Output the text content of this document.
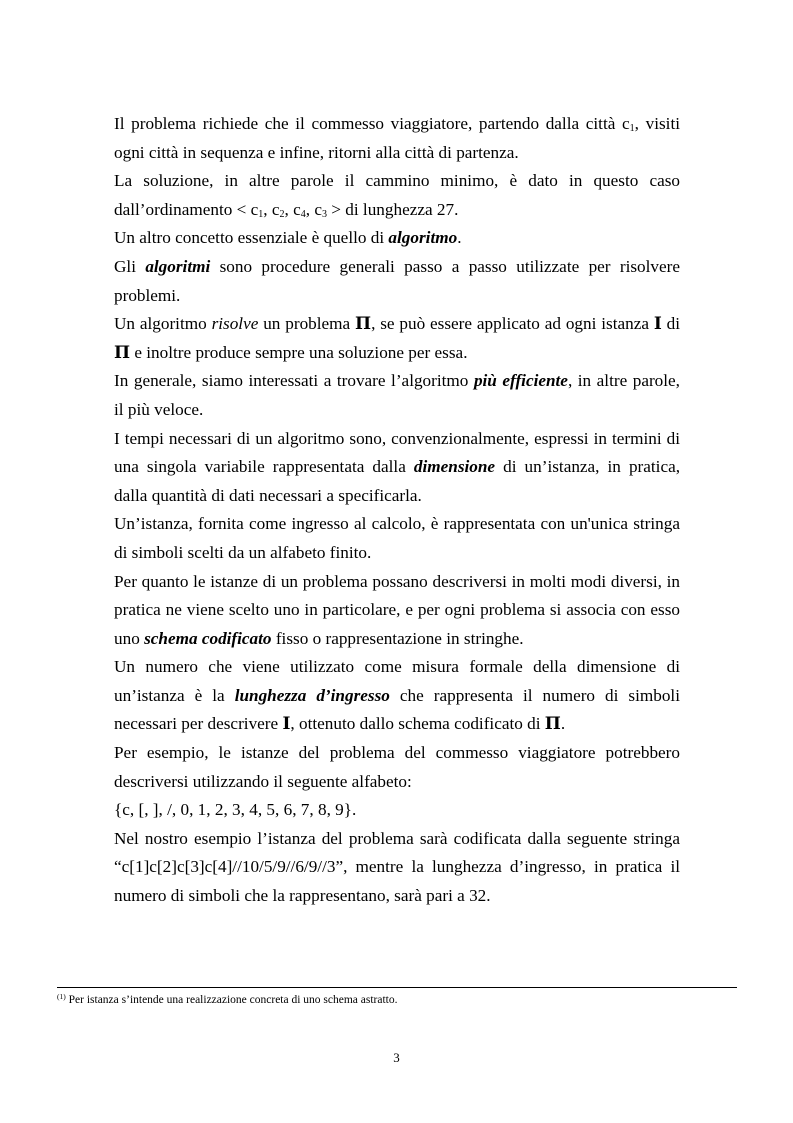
Il problema richiede che il commesso viaggiatore, partendo dalla città $c_1$, visiti ogni città in sequenza e infine, ritorni alla città di partenza.

La soluzione, in altre parole il cammino minimo, è dato in questo caso dall’ordinamento < $c_1$, $c_2$, $c_4$, $c_3$ > di lunghezza 27.

Un altro concetto essenziale è quello di algoritmo.

Gli algoritmi sono procedure generali passo a passo utilizzate per risolvere problemi.

Un algoritmo risolve un problema Π, se può essere applicato ad ogni istanza I di Π e inoltre produce sempre una soluzione per essa.

In generale, siamo interessati a trovare l’algoritmo più efficiente, in altre parole, il più veloce.

I tempi necessari di un algoritmo sono, convenzionalmente, espressi in termini di una singola variabile rappresentata dalla dimensione di un’istanza, in pratica, dalla quantità di dati necessari a specificarla.

Un’istanza, fornita come ingresso al calcolo, è rappresentata con un'unica stringa di simboli scelti da un alfabeto finito.

Per quanto le istanze di un problema possano descriversi in molti modi diversi, in pratica ne viene scelto uno in particolare, e per ogni problema si associa con esso uno schema codificato fisso o rappresentazione in stringhe.

Un numero che viene utilizzato come misura formale della dimensione di un’istanza è la lunghezza d’ingresso che rappresenta il numero di simboli necessari per descrivere I, ottenuto dallo schema codificato di Π.

Per esempio, le istanze del problema del commesso viaggiatore potrebbero descriversi utilizzando il seguente alfabeto:

{c, [, ], /, 0, 1, 2, 3, 4, 5, 6, 7, 8, 9}.

Nel nostro esempio l’istanza del problema sarà codificata dalla seguente stringa “c[1]c[2]c[3]c[4]//10/5/9//6/9//3”, mentre la lunghezza d’ingresso, in pratica il numero di simboli che la rappresentano, sarà pari a 32.

$^{(1)}$ Per istanza s’intende una realizzazione concreta di uno schema astratto.
3
